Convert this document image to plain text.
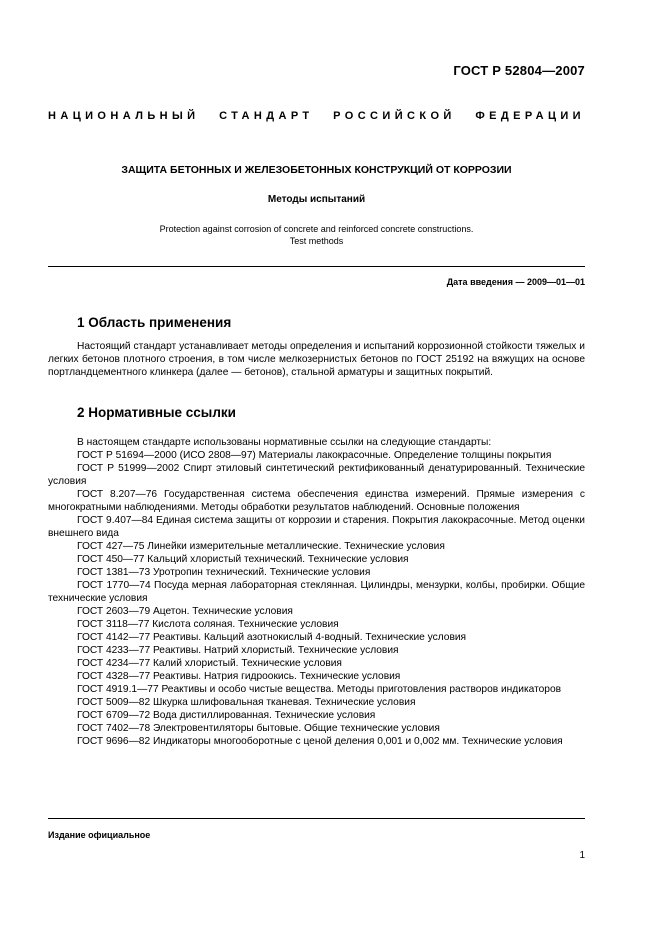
ГОСТ Р 52804—2007
НАЦИОНАЛЬНЫЙ СТАНДАРТ РОССИЙСКОЙ ФЕДЕРАЦИИ
ЗАЩИТА БЕТОННЫХ И ЖЕЛЕЗОБЕТОННЫХ КОНСТРУКЦИЙ ОТ КОРРОЗИИ
Методы испытаний
Protection against corrosion of concrete and reinforced concrete constructions.
Test methods
Дата введения — 2009—01—01
1 Область применения

Настоящий стандарт устанавливает методы определения и испытаний коррозионной стойкости тяжелых и легких бетонов плотного строения, в том числе мелкозернистых бетонов по ГОСТ 25192 на вяжущих на основе портландцементного клинкера (далее — бетонов), стальной арматуры и защитных покрытий.

2 Нормативные ссылки

В настоящем стандарте использованы нормативные ссылки на следующие стандарты:

ГОСТ Р 51694—2000 (ИСО 2808—97) Материалы лакокрасочные. Определение толщины покрытия

ГОСТ Р 51999—2002 Спирт этиловый синтетический ректификованный денатурированный. Технические условия

ГОСТ 8.207—76 Государственная система обеспечения единства измерений. Прямые измерения с многократными наблюдениями. Методы обработки результатов наблюдений. Основные положения

ГОСТ 9.407—84 Единая система защиты от коррозии и старения. Покрытия лакокрасочные. Метод оценки внешнего вида

ГОСТ 427—75 Линейки измерительные металлические. Технические условия

ГОСТ 450—77 Кальций хлористый технический. Технические условия

ГОСТ 1381—73 Уротропин технический. Технические условия

ГОСТ 1770—74 Посуда мерная лабораторная стеклянная. Цилиндры, мензурки, колбы, пробирки. Общие технические условия

ГОСТ 2603—79 Ацетон. Технические условия

ГОСТ 3118—77 Кислота соляная. Технические условия

ГОСТ 4142—77 Реактивы. Кальций азотнокислый 4-водный. Технические условия

ГОСТ 4233—77 Реактивы. Натрий хлористый. Технические условия

ГОСТ 4234—77 Калий хлористый. Технические условия

ГОСТ 4328—77 Реактивы. Натрия гидроокись. Технические условия

ГОСТ 4919.1—77 Реактивы и особо чистые вещества. Методы приготовления растворов индикаторов

ГОСТ 5009—82 Шкурка шлифовальная тканевая. Технические условия

ГОСТ 6709—72 Вода дистиллированная. Технические условия

ГОСТ 7402—78 Электровентиляторы бытовые. Общие технические условия

ГОСТ 9696—82 Индикаторы многооборотные с ценой деления 0,001 и 0,002 мм. Технические условия

Издание официальное
1
